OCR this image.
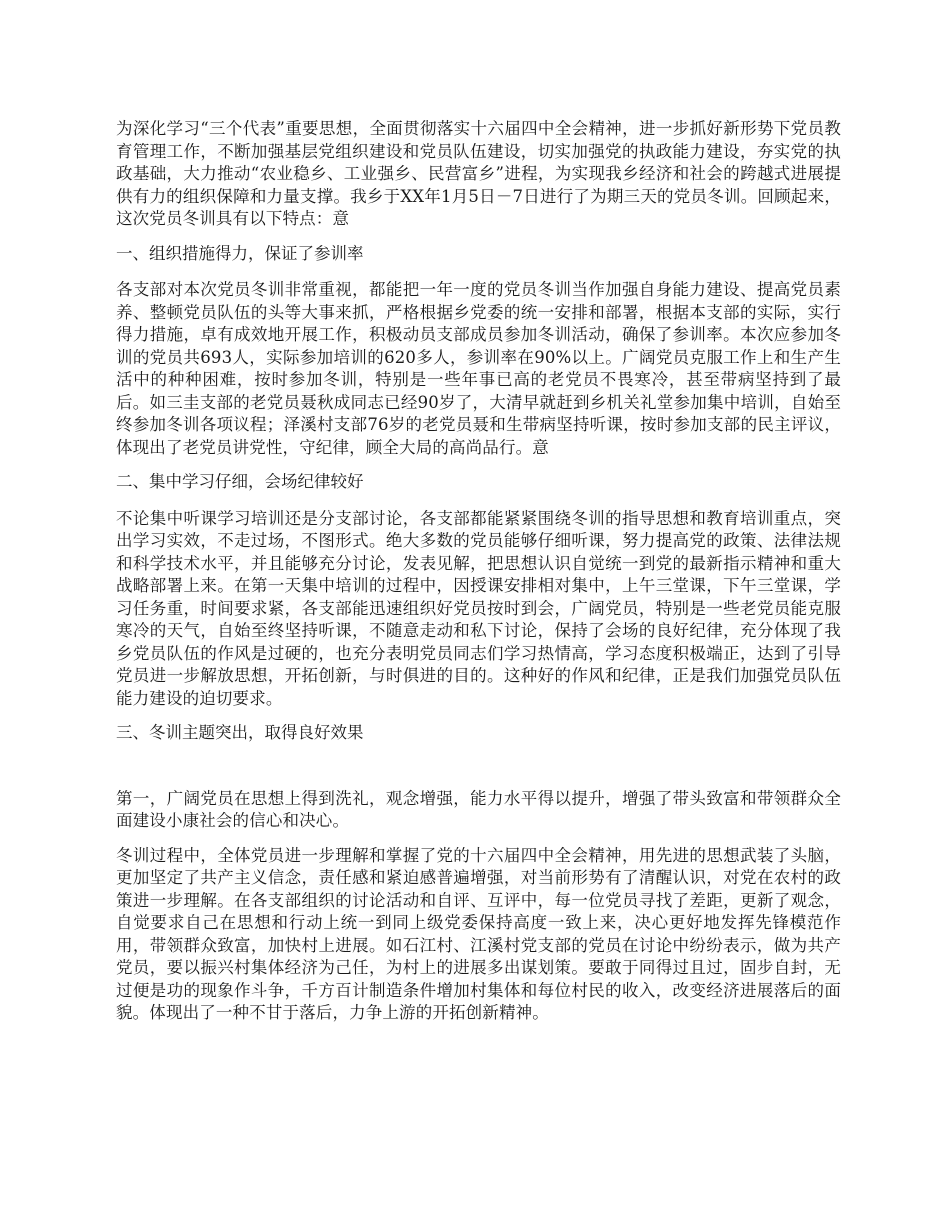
为深化学习“三个代表”重要思想，全面贯彻落实十六届四中全会精神，进一步抓好新形势下党员教育管理工作，不断加强基层党组织建设和党员队伍建设，切实加强党的执政能力建设，夯实党的执政基础，大力推动“农业稳乡、工业强乡、民营富乡”进程，为实现我乡经济和社会的跨越式进展提供有力的组织保障和力量支撑。我乡于XX年1月5日－7日进行了为期三天的党员冬训。回顾起来，这次党员冬训具有以下特点：意

一、组织措施得力，保证了参训率

各支部对本次党员冬训非常重视，都能把一年一度的党员冬训当作加强自身能力建设、提高党员素养、整顿党员队伍的头等大事来抓，严格根据乡党委的统一安排和部署，根据本支部的实际，实行得力措施，卓有成效地开展工作，积极动员支部成员参加冬训活动，确保了参训率。本次应参加冬训的党员共693人，实际参加培训的620多人，参训率在90%以上。广阔党员克服工作上和生产生活中的种种困难，按时参加冬训，特别是一些年事已高的老党员不畏寒冷，甚至带病坚持到了最后。如三圭支部的老党员聂秋成同志已经90岁了，大清早就赶到乡机关礼堂参加集中培训，自始至终参加冬训各项议程；泽溪村支部76岁的老党员聂和生带病坚持听课，按时参加支部的民主评议，体现出了老党员讲党性，守纪律，顾全大局的高尚品行。意

二、集中学习仔细，会场纪律较好

不论集中听课学习培训还是分支部讨论，各支部都能紧紧围绕冬训的指导思想和教育培训重点，突出学习实效，不走过场，不图形式。绝大多数的党员能够仔细听课，努力提高党的政策、法律法规和科学技术水平，并且能够充分讨论，发表见解，把思想认识自觉统一到党的最新指示精神和重大战略部署上来。在第一天集中培训的过程中，因授课安排相对集中，上午三堂课，下午三堂课，学习任务重，时间要求紧，各支部能迅速组织好党员按时到会，广阔党员，特别是一些老党员能克服寒冷的天气，自始至终坚持听课，不随意走动和私下讨论，保持了会场的良好纪律，充分体现了我乡党员队伍的作风是过硬的，也充分表明党员同志们学习热情高，学习态度积极端正，达到了引导党员进一步解放思想，开拓创新，与时俱进的目的。这种好的作风和纪律，正是我们加强党员队伍能力建设的迫切要求。

三、冬训主题突出，取得良好效果

第一，广阔党员在思想上得到洗礼，观念增强，能力水平得以提升，增强了带头致富和带领群众全面建设小康社会的信心和决心。

冬训过程中，全体党员进一步理解和掌握了党的十六届四中全会精神，用先进的思想武装了头脑，更加坚定了共产主义信念，责任感和紧迫感普遍增强，对当前形势有了清醒认识，对党在农村的政策进一步理解。在各支部组织的讨论活动和自评、互评中，每一位党员寻找了差距，更新了观念，自觉要求自己在思想和行动上统一到同上级党委保持高度一致上来，决心更好地发挥先锋模范作用，带领群众致富，加快村上进展。如石江村、江溪村党支部的党员在讨论中纷纷表示，做为共产党员，要以振兴村集体经济为己任，为村上的进展多出谋划策。要敢于同得过且过，固步自封，无过便是功的现象作斗争，千方百计制造条件增加村集体和每位村民的收入，改变经济进展落后的面貌。体现出了一种不甘于落后，力争上游的开拓创新精神。
